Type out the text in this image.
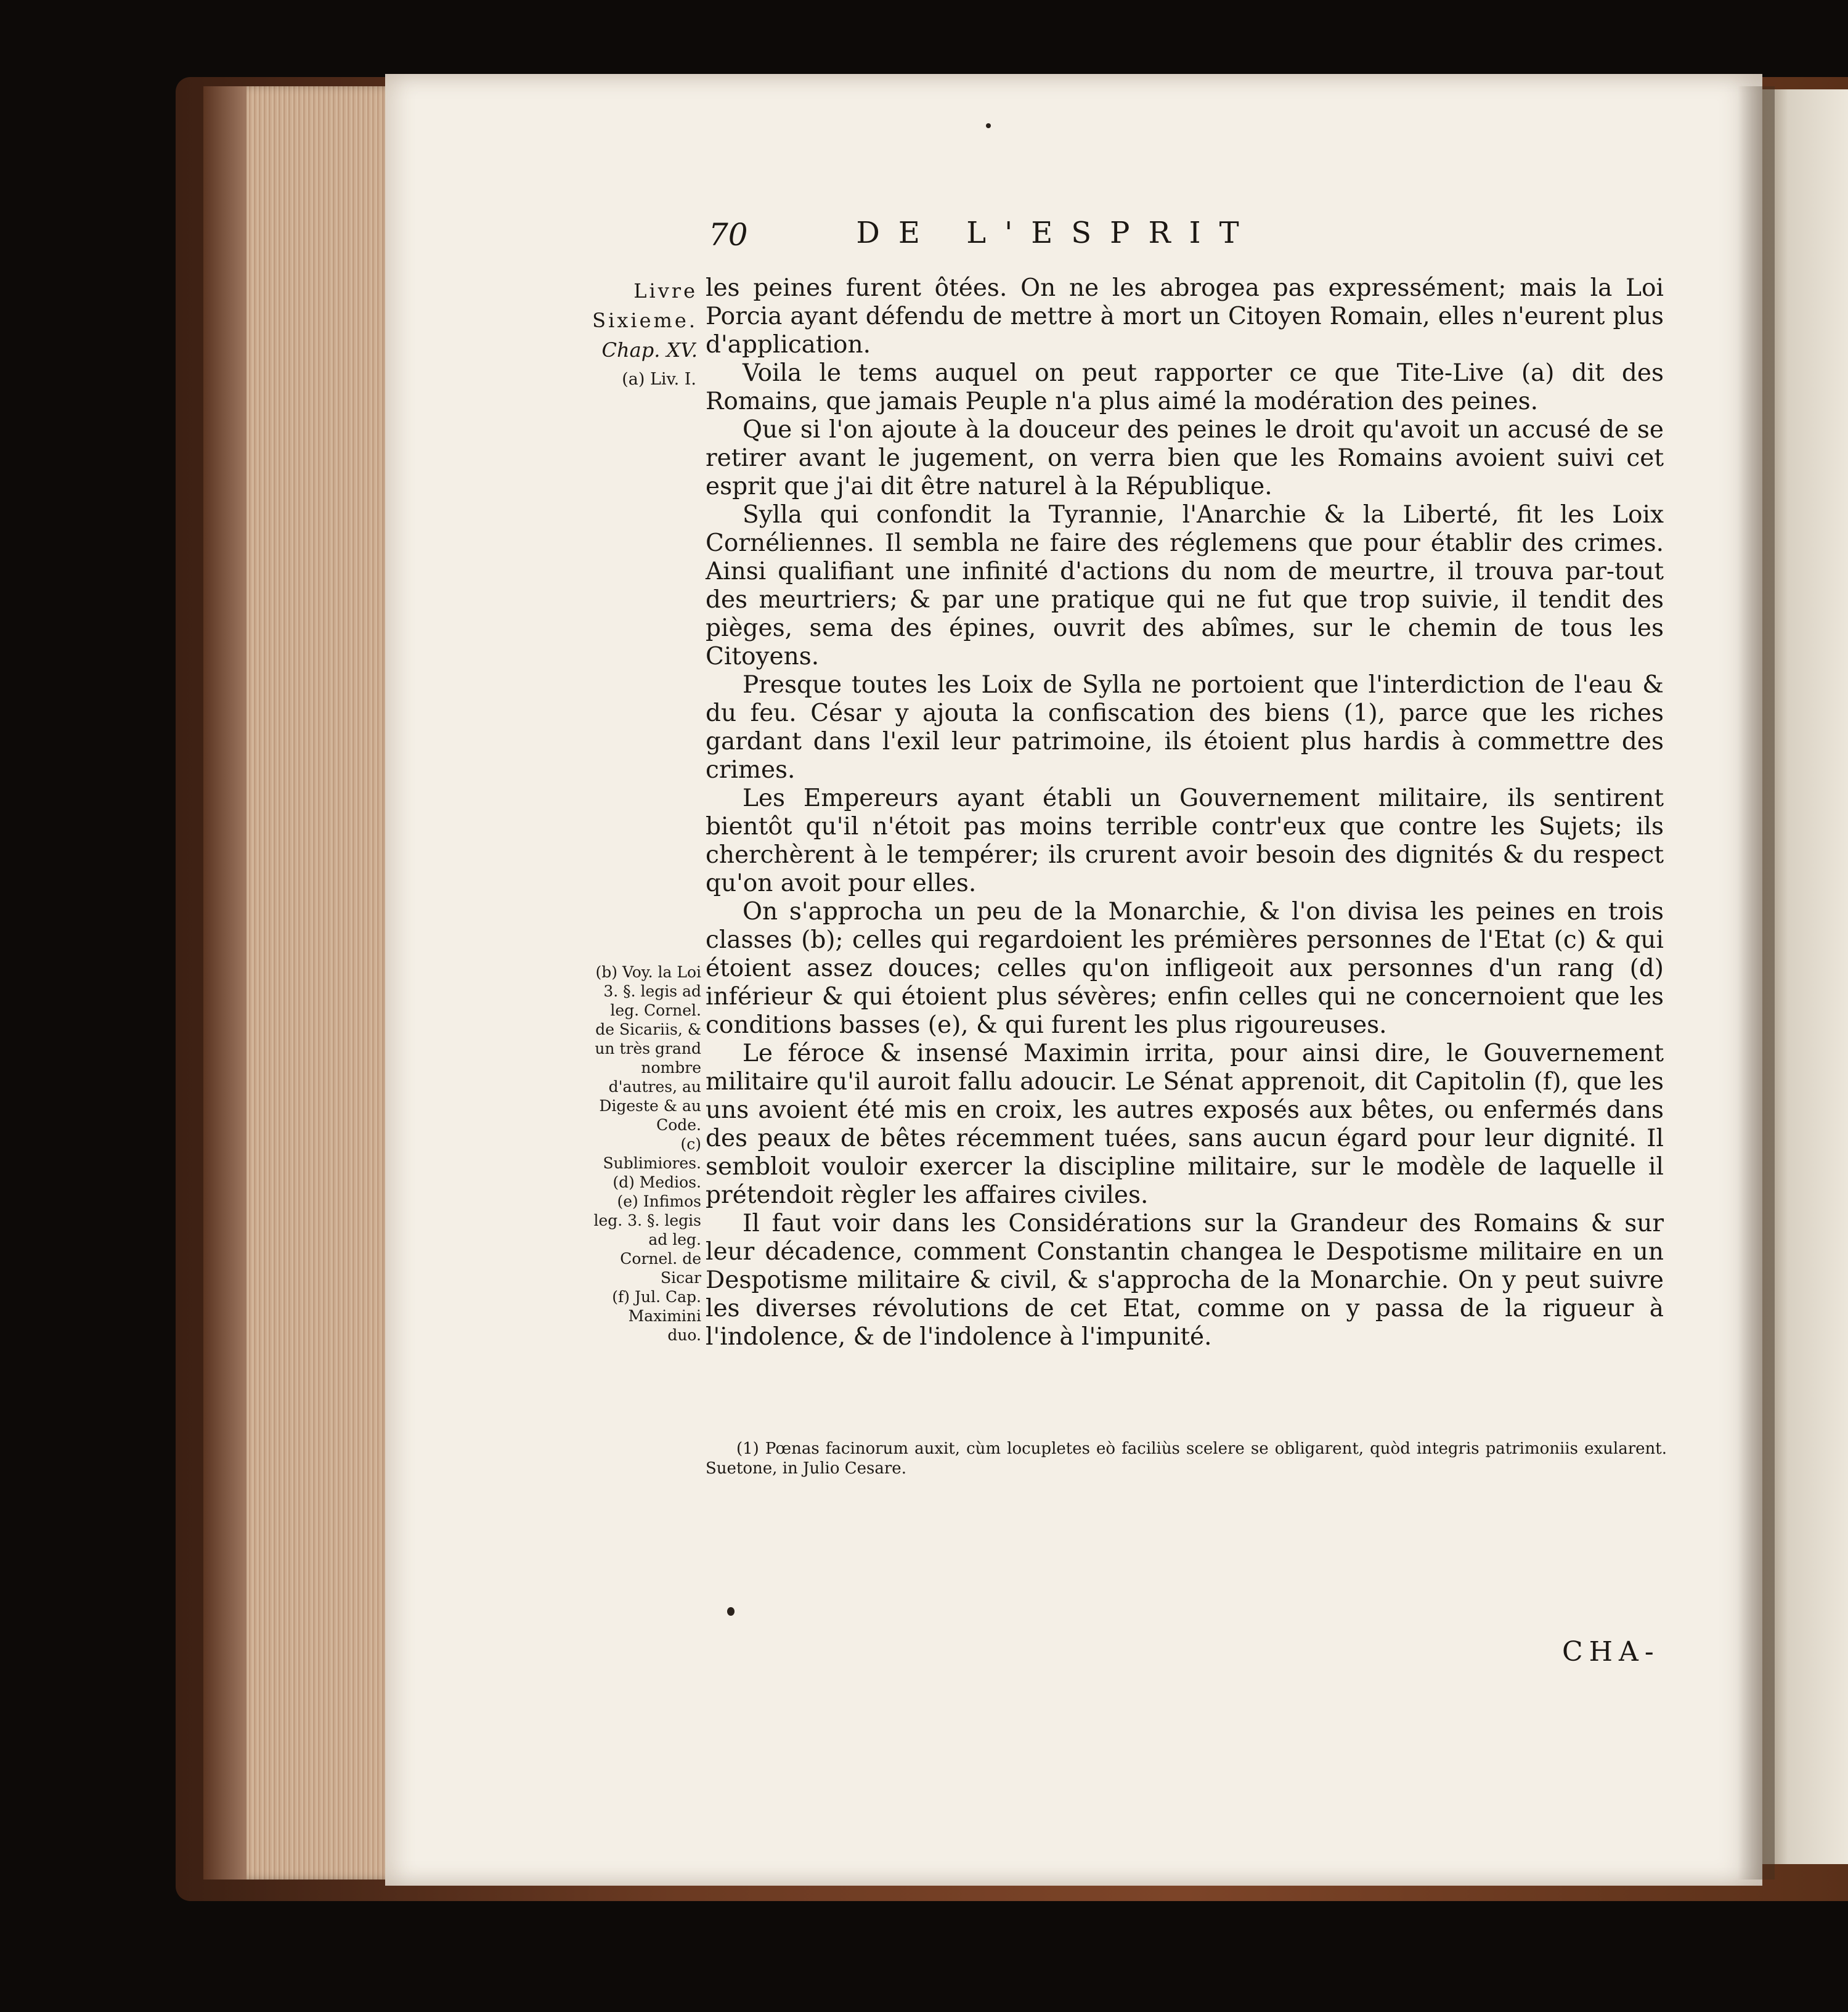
70	DE L'ESPRIT
Livre
Sixieme.
Chap. XV.
(a) Liv. I.
(b) Voy. la Loi 3. §. legis ad leg. Cornel. de Sicariis, & un très grand nombre d'autres, au Digeste & au Code.
(c) Sublimiores.
(d) Medios.
(e) Infimos leg. 3. §. legis ad leg. Cornel. de Sicar
(f) Jul. Cap. Maximini duo.

les peines furent ôtées. On ne les abrogea pas expressément; mais la Loi Porcia ayant défendu de mettre à mort un Citoyen Romain, elles n'eurent plus d'application.

Voila le tems auquel on peut rapporter ce que Tite-Live (a) dit des Romains, que jamais Peuple n'a plus aimé la modération des peines.

Que si l'on ajoute à la douceur des peines le droit qu'avoit un accusé de se retirer avant le jugement, on verra bien que les Romains avoient suivi cet esprit que j'ai dit être naturel à la République.

Sylla qui confondit la Tyrannie, l'Anarchie & la Liberté, fit les Loix Cornéliennes. Il sembla ne faire des réglemens que pour établir des crimes. Ainsi qualifiant une infinité d'actions du nom de meurtre, il trouva par-tout des meurtriers; & par une pratique qui ne fut que trop suivie, il tendit des pièges, sema des épines, ouvrit des abîmes, sur le chemin de tous les Citoyens.

Presque toutes les Loix de Sylla ne portoient que l'interdiction de l'eau & du feu. César y ajouta la confiscation des biens (1), parce que les riches gardant dans l'exil leur patrimoine, ils étoient plus hardis à commettre des crimes.

Les Empereurs ayant établi un Gouvernement militaire, ils sentirent bientôt qu'il n'étoit pas moins terrible contr'eux que contre les Sujets; ils cherchèrent à le tempérer; ils crurent avoir besoin des dignités & du respect qu'on avoit pour elles.

On s'approcha un peu de la Monarchie, & l'on divisa les peines en trois classes (b); celles qui regardoient les prémières personnes de l'Etat (c) & qui étoient assez douces; celles qu'on infligeoit aux personnes d'un rang (d) inférieur & qui étoient plus sévères; enfin celles qui ne concernoient que les conditions basses (e), & qui furent les plus rigoureuses.

Le féroce & insensé Maximin irrita, pour ainsi dire, le Gouvernement militaire qu'il auroit fallu adoucir. Le Sénat apprenoit, dit Capitolin (f), que les uns avoient été mis en croix, les autres exposés aux bêtes, ou enfermés dans des peaux de bêtes récemment tuées, sans aucun égard pour leur dignité. Il sembloit vouloir exercer la discipline militaire, sur le modèle de laquelle il prétendoit règler les affaires civiles.

Il faut voir dans les Considérations sur la Grandeur des Romains & sur leur décadence, comment Constantin changea le Despotisme militaire en un Despotisme militaire & civil, & s'approcha de la Monarchie. On y peut suivre les diverses révolutions de cet Etat, comme on y passa de la rigueur à l'indolence, & de l'indolence à l'impunité.

(1) Pœnas facinorum auxit, cùm locupletes eò faciliùs scelere se obligarent, quòd integris patrimoniis exularent. Suetone, in Julio Cesare.
CHA-
